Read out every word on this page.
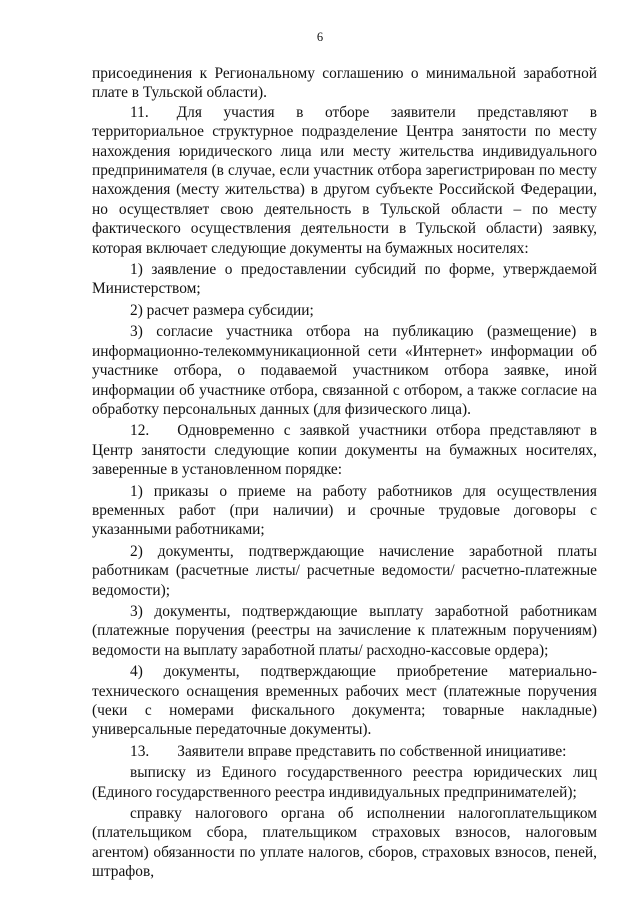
6

присоединения к Региональному соглашению о минимальной заработной плате в Тульской области).

11. Для участия в отборе заявители представляют в территориальное структурное подразделение Центра занятости по месту нахождения юридического лица или месту жительства индивидуального предпринимателя (в случае, если участник отбора зарегистрирован по месту нахождения (месту жительства) в другом субъекте Российской Федерации, но осуществляет свою деятельность в Тульской области – по месту фактического осуществления деятельности в Тульской области) заявку, которая включает следующие документы на бумажных носителях:

1) заявление о предоставлении субсидий по форме, утверждаемой Министерством;

2) расчет размера субсидии;

3) согласие участника отбора на публикацию (размещение) в информационно-телекоммуникационной сети «Интернет» информации об участнике отбора, о подаваемой участником отбора заявке, иной информации об участнике отбора, связанной с отбором, а также согласие на обработку персональных данных (для физического лица).

12. Одновременно с заявкой участники отбора представляют в Центр занятости следующие копии документы на бумажных носителях, заверенные в установленном порядке:

1) приказы о приеме на работу работников для осуществления временных работ (при наличии) и срочные трудовые договоры с указанными работниками;

2) документы, подтверждающие начисление заработной платы работникам (расчетные листы/ расчетные ведомости/ расчетно-платежные ведомости);

3) документы, подтверждающие выплату заработной работникам (платежные поручения (реестры на зачисление к платежным поручениям) ведомости на выплату заработной платы/ расходно-кассовые ордера);

4) документы, подтверждающие приобретение материально-технического оснащения временных рабочих мест (платежные поручения (чеки с номерами фискального документа; товарные накладные) универсальные передаточные документы).

13. Заявители вправе представить по собственной инициативе:

выписку из Единого государственного реестра юридических лиц (Единого государственного реестра индивидуальных предпринимателей);

справку налогового органа об исполнении налогоплательщиком (плательщиком сбора, плательщиком страховых взносов, налоговым агентом) обязанности по уплате налогов, сборов, страховых взносов, пеней, штрафов,
